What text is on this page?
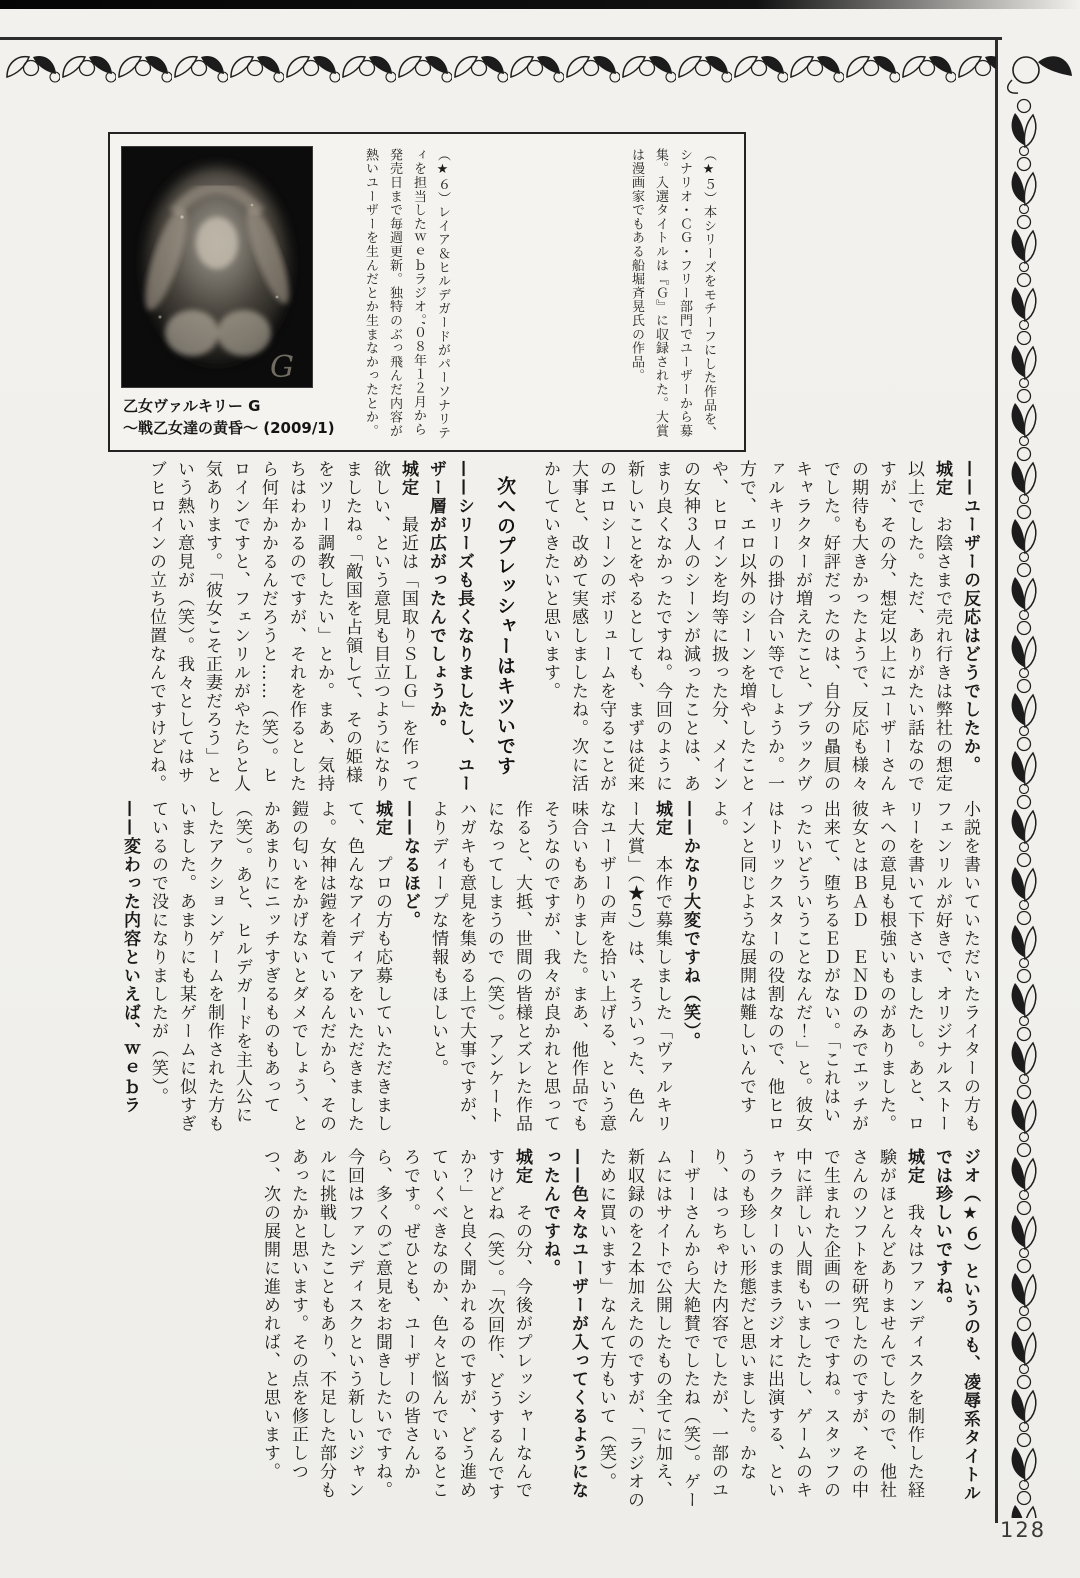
G
乙女ヴァルキリー G
～戦乙女達の黄昏～ (2009/1)	（★６）レイア＆ヒルデガードがパーソナリティを担当したｗｅｂラジオ。’０８年１２月から発売日まで毎週更新。独特のぶっ飛んだ内容が熱いユーザーを生んだとか生まなかったとか。	（★５）本シリーズをモチーフにした作品を、シナリオ・ＣＧ・フリー部門でユーザーから募集。入選タイトルは『Ｇ』に収録された。大賞は漫画家でもある船堀斉晃氏の作品。
——ユーザーの反応はどうでしたか。
城定　お陰さまで売れ行きは弊社の想定以上でした。ただ、ありがたい話なのですが、その分、想定以上にユーザーさんの期待も大きかったようで、反応も様々でした。好評だったのは、自分の贔屓のキャラクターが増えたこと、ブラックヴァルキリーの掛け合い等でしょうか。一方で、エロ以外のシーンを増やしたことや、ヒロインを均等に扱った分、メインの女神３人のシーンが減ったことは、あまり良くなかったですね。今回のように新しいことをやるとしても、まずは従来のエロシーンのボリュームを守ることが大事と、改めて実感しましたね。次に活かしていきたいと思います。
次へのプレッシャーはキツいです
——シリーズも長くなりましたし、ユーザー層が広がったんでしょうか。
城定　最近は「国取りＳＬＧ」を作って欲しい、という意見も目立つようになりましたね。「敵国を占領して、その姫様をツリー調教したい」とか。まあ、気持ちはわかるのですが、それを作るとしたら何年かかるんだろうと……（笑）。ヒロインですと、フェンリルがやたらと人気あります。「彼女こそ正妻だろう」という熱い意見が（笑）。我々としてはサブヒロインの立ち位置なんですけどね。
小説を書いていただいたライターの方もフェンリルが好きで、オリジナルストーリーを書いて下さいましたし。あと、ロキへの意見も根強いものがありました。彼女とはＢＡＤ　ＥＮＤのみでエッチが出来て、堕ちるＥＤがない。「これはいったいどういうことなんだ！」と。彼女はトリックスターの役割なので、他ヒロインと同じような展開は難しいんですよ。
——かなり大変ですね（笑）。
城定　本作で募集しました「ヴァルキリー大賞」（★５）は、そういった、色んなユーザーの声を拾い上げる、という意味合いもありました。まあ、他作品でもそうなのですが、我々が良かれと思って作ると、大抵、世間の皆様とズレた作品になってしまうので（笑）。アンケートハガキも意見を集める上で大事ですが、よりディープな情報もほしいと。
——なるほど。
城定　プロの方も応募していただきまして、色んなアイディアをいただきましたよ。女神は鎧を着ているんだから、その鎧の匂いをかげないとダメでしょう、とかあまりにニッチすぎるものもあって（笑）。あと、ヒルデガードを主人公にしたアクションゲームを制作された方もいました。あまりにも某ゲームに似すぎているので没になりましたが（笑）。
——変わった内容といえば、ｗｅｂラ
ジオ（★６）というのも、凌辱系タイトルでは珍しいですね。
城定　我々はファンディスクを制作した経験がほとんどありませんでしたので、他社さんのソフトを研究したのですが、その中で生まれた企画の一つですね。スタッフの中に詳しい人間もいましたし、ゲームのキャラクターのままラジオに出演する、というのも珍しい形態だと思いました。かなり、はっちゃけた内容でしたが、一部のユーザーさんから大絶賛でしたね（笑）。ゲームにはサイトで公開したもの全てに加え、新収録のを２本加えたのですが、「ラジオのために買います」なんて方もいて（笑）。
——色々なユーザーが入ってくるようになったんですね。
城定　その分、今後がプレッシャーなんですけどね（笑）。「次回作、どうするんですか？」と良く聞かれるのですが、どう進めていくべきなのか、色々と悩んでいるところです。ぜひとも、ユーザーの皆さんから、多くのご意見をお聞きしたいですね。今回はファンディスクという新しいジャンルに挑戦したこともあり、不足した部分もあったかと思います。その点を修正しつつ、次の展開に進めれば、と思います。
128
